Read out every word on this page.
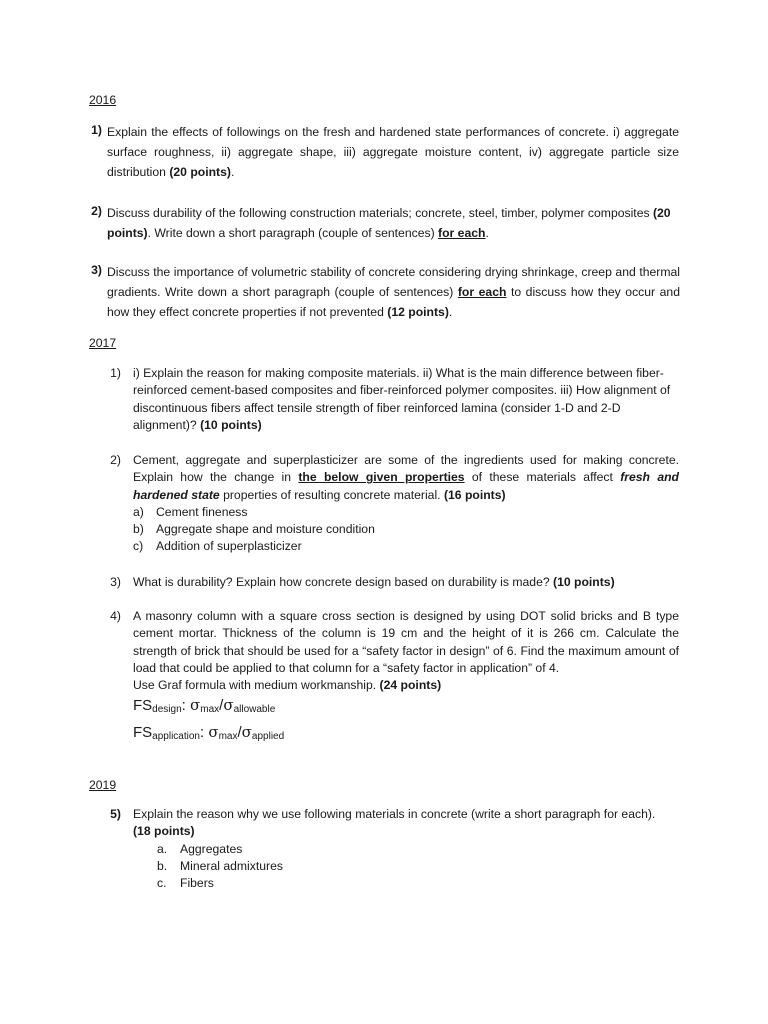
2016
1) Explain the effects of followings on the fresh and hardened state performances of concrete. i) aggregate surface roughness, ii) aggregate shape, iii) aggregate moisture content, iv) aggregate particle size distribution (20 points).
2) Discuss durability of the following construction materials; concrete, steel, timber, polymer composites (20 points). Write down a short paragraph (couple of sentences) for each.
3) Discuss the importance of volumetric stability of concrete considering drying shrinkage, creep and thermal gradients. Write down a short paragraph (couple of sentences) for each to discuss how they occur and how they effect concrete properties if not prevented (12 points).
2017
1) i) Explain the reason for making composite materials. ii) What is the main difference between fiber-reinforced cement-based composites and fiber-reinforced polymer composites. iii) How alignment of discontinuous fibers affect tensile strength of fiber reinforced lamina (consider 1-D and 2-D alignment)? (10 points)
2) Cement, aggregate and superplasticizer are some of the ingredients used for making concrete. Explain how the change in the below given properties of these materials affect fresh and hardened state properties of resulting concrete material. (16 points)
a) Cement fineness
b) Aggregate shape and moisture condition
c) Addition of superplasticizer
3) What is durability? Explain how concrete design based on durability is made? (10 points)
4) A masonry column with a square cross section is designed by using DOT solid bricks and B type cement mortar. Thickness of the column is 19 cm and the height of it is 266 cm. Calculate the strength of brick that should be used for a “safety factor in design” of 6. Find the maximum amount of load that could be applied to that column for a “safety factor in application” of 4.
Use Graf formula with medium workmanship. (24 points)
$FS_{design}$: $\sigma_{max}/\sigma_{allowable}$
$FS_{application}$: $\sigma_{max}/\sigma_{applied}$
2019
5) Explain the reason why we use following materials in concrete (write a short paragraph for each).
(18 points)
a. Aggregates
b. Mineral admixtures
c. Fibers
